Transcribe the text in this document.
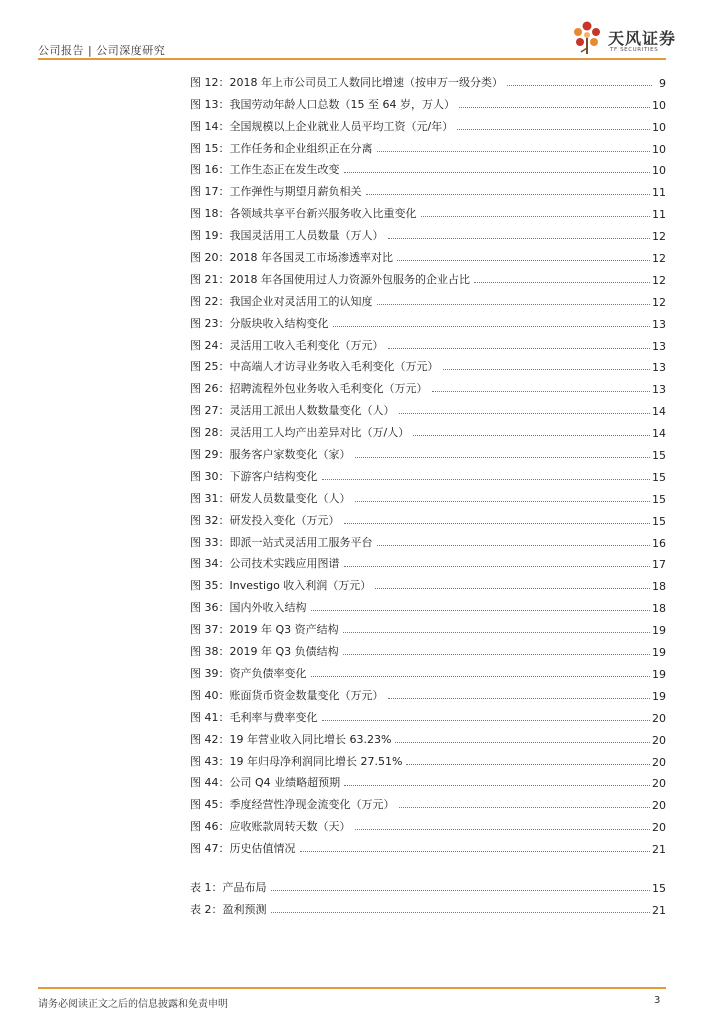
公司报告 | 公司深度研究
天风证券
TF SECURITIES
图 12：2018 年上市公司员工人数同比增速（按申万一级分类）	9
图 13：我国劳动年龄人口总数（15 至 64 岁，万人）	10
图 14：全国规模以上企业就业人员平均工资（元/年）	10
图 15：工作任务和企业组织正在分离	10
图 16：工作生态正在发生改变	10
图 17：工作弹性与期望月薪负相关	11
图 18：各领域共享平台新兴服务收入比重变化	11
图 19：我国灵活用工人员数量（万人）	12
图 20：2018 年各国灵工市场渗透率对比	12
图 21：2018 年各国使用过人力资源外包服务的企业占比	12
图 22：我国企业对灵活用工的认知度	12
图 23：分版块收入结构变化	13
图 24：灵活用工收入毛利变化（万元）	13
图 25：中高端人才访寻业务收入毛利变化（万元）	13
图 26：招聘流程外包业务收入毛利变化（万元）	13
图 27：灵活用工派出人数数量变化（人）	14
图 28：灵活用工人均产出差异对比（万/人）	14
图 29：服务客户家数变化（家）	15
图 30：下游客户结构变化	15
图 31：研发人员数量变化（人）	15
图 32：研发投入变化（万元）	15
图 33：即派一站式灵活用工服务平台	16
图 34：公司技术实践应用图谱	17
图 35：Investigo 收入利润（万元）	18
图 36：国内外收入结构	18
图 37：2019 年 Q3 资产结构	19
图 38：2019 年 Q3 负债结构	19
图 39：资产负债率变化	19
图 40：账面货币资金数量变化（万元）	19
图 41：毛利率与费率变化	20
图 42：19 年营业收入同比增长 63.23%	20
图 43：19 年归母净利润同比增长 27.51%	20
图 44：公司 Q4 业绩略超预期	20
图 45：季度经营性净现金流变化（万元）	20
图 46：应收账款周转天数（天）	20
图 47：历史估值情况	21
表 1：产品布局	15
表 2：盈利预测	21
请务必阅读正文之后的信息披露和免责申明	3
